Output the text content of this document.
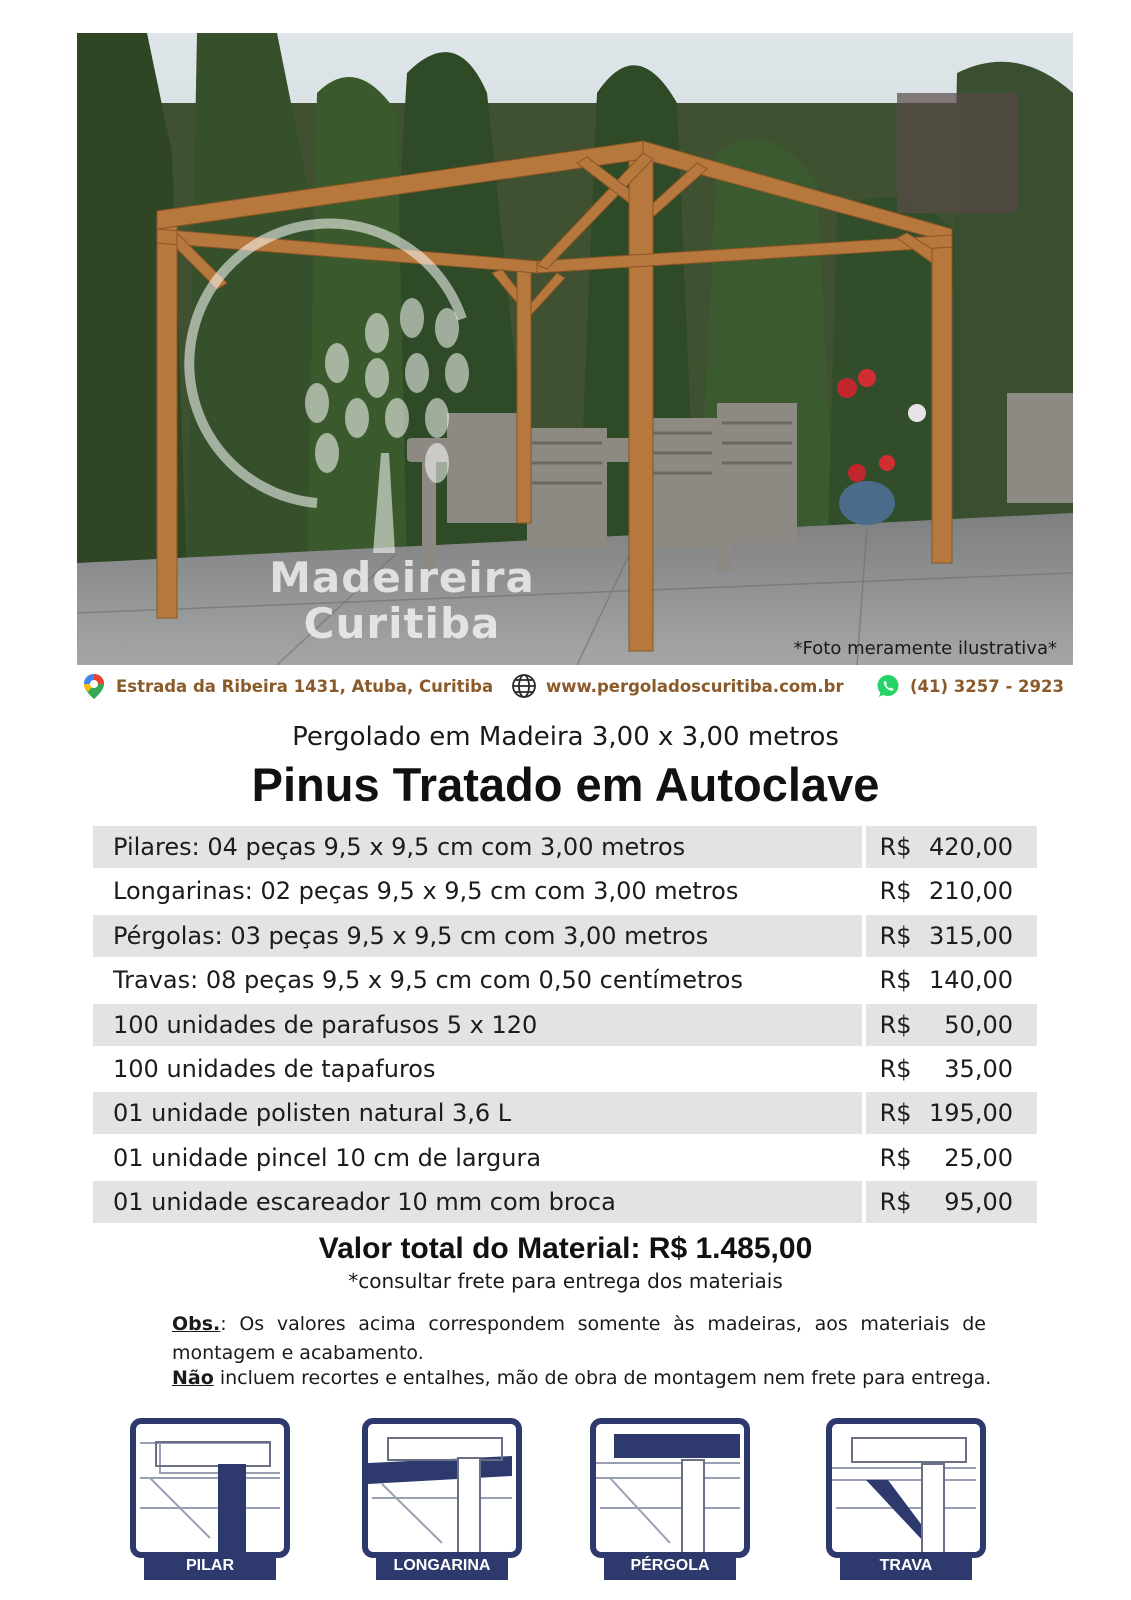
Madeireira
Curitiba
*Foto meramente ilustrativa*
Estrada da Ribeira 1431, Atuba, Curitiba	www.pergoladoscuritiba.com.br	(41) 3257 - 2923
Pergolado em Madeira 3,00 x 3,00 metros
Pinus Tratado em Autoclave
Pilares: 04 peças 9,5 x 9,5 cm com 3,00 metros	R$ 420,00
Longarinas: 02 peças 9,5 x 9,5 cm com 3,00 metros	R$ 210,00
Pérgolas: 03 peças 9,5 x 9,5 cm com 3,00 metros	R$ 315,00
Travas: 08 peças 9,5 x 9,5 cm com 0,50 centímetros	R$ 140,00
100 unidades de parafusos 5 x 120	R$ 50,00
100 unidades de tapafuros	R$ 35,00
01 unidade polisten natural 3,6 L	R$ 195,00
01 unidade pincel 10 cm de largura	R$ 25,00
01 unidade escareador 10 mm com broca	R$ 95,00
Valor total do Material: R$ 1.485,00
*consultar frete para entrega dos materiais
Obs.: Os valores acima correspondem somente às madeiras, aos materiais de montagem e acabamento.
Não incluem recortes e entalhes, mão de obra de montagem nem frete para entrega.
PILAR	LONGARINA	PÉRGOLA	TRAVA
